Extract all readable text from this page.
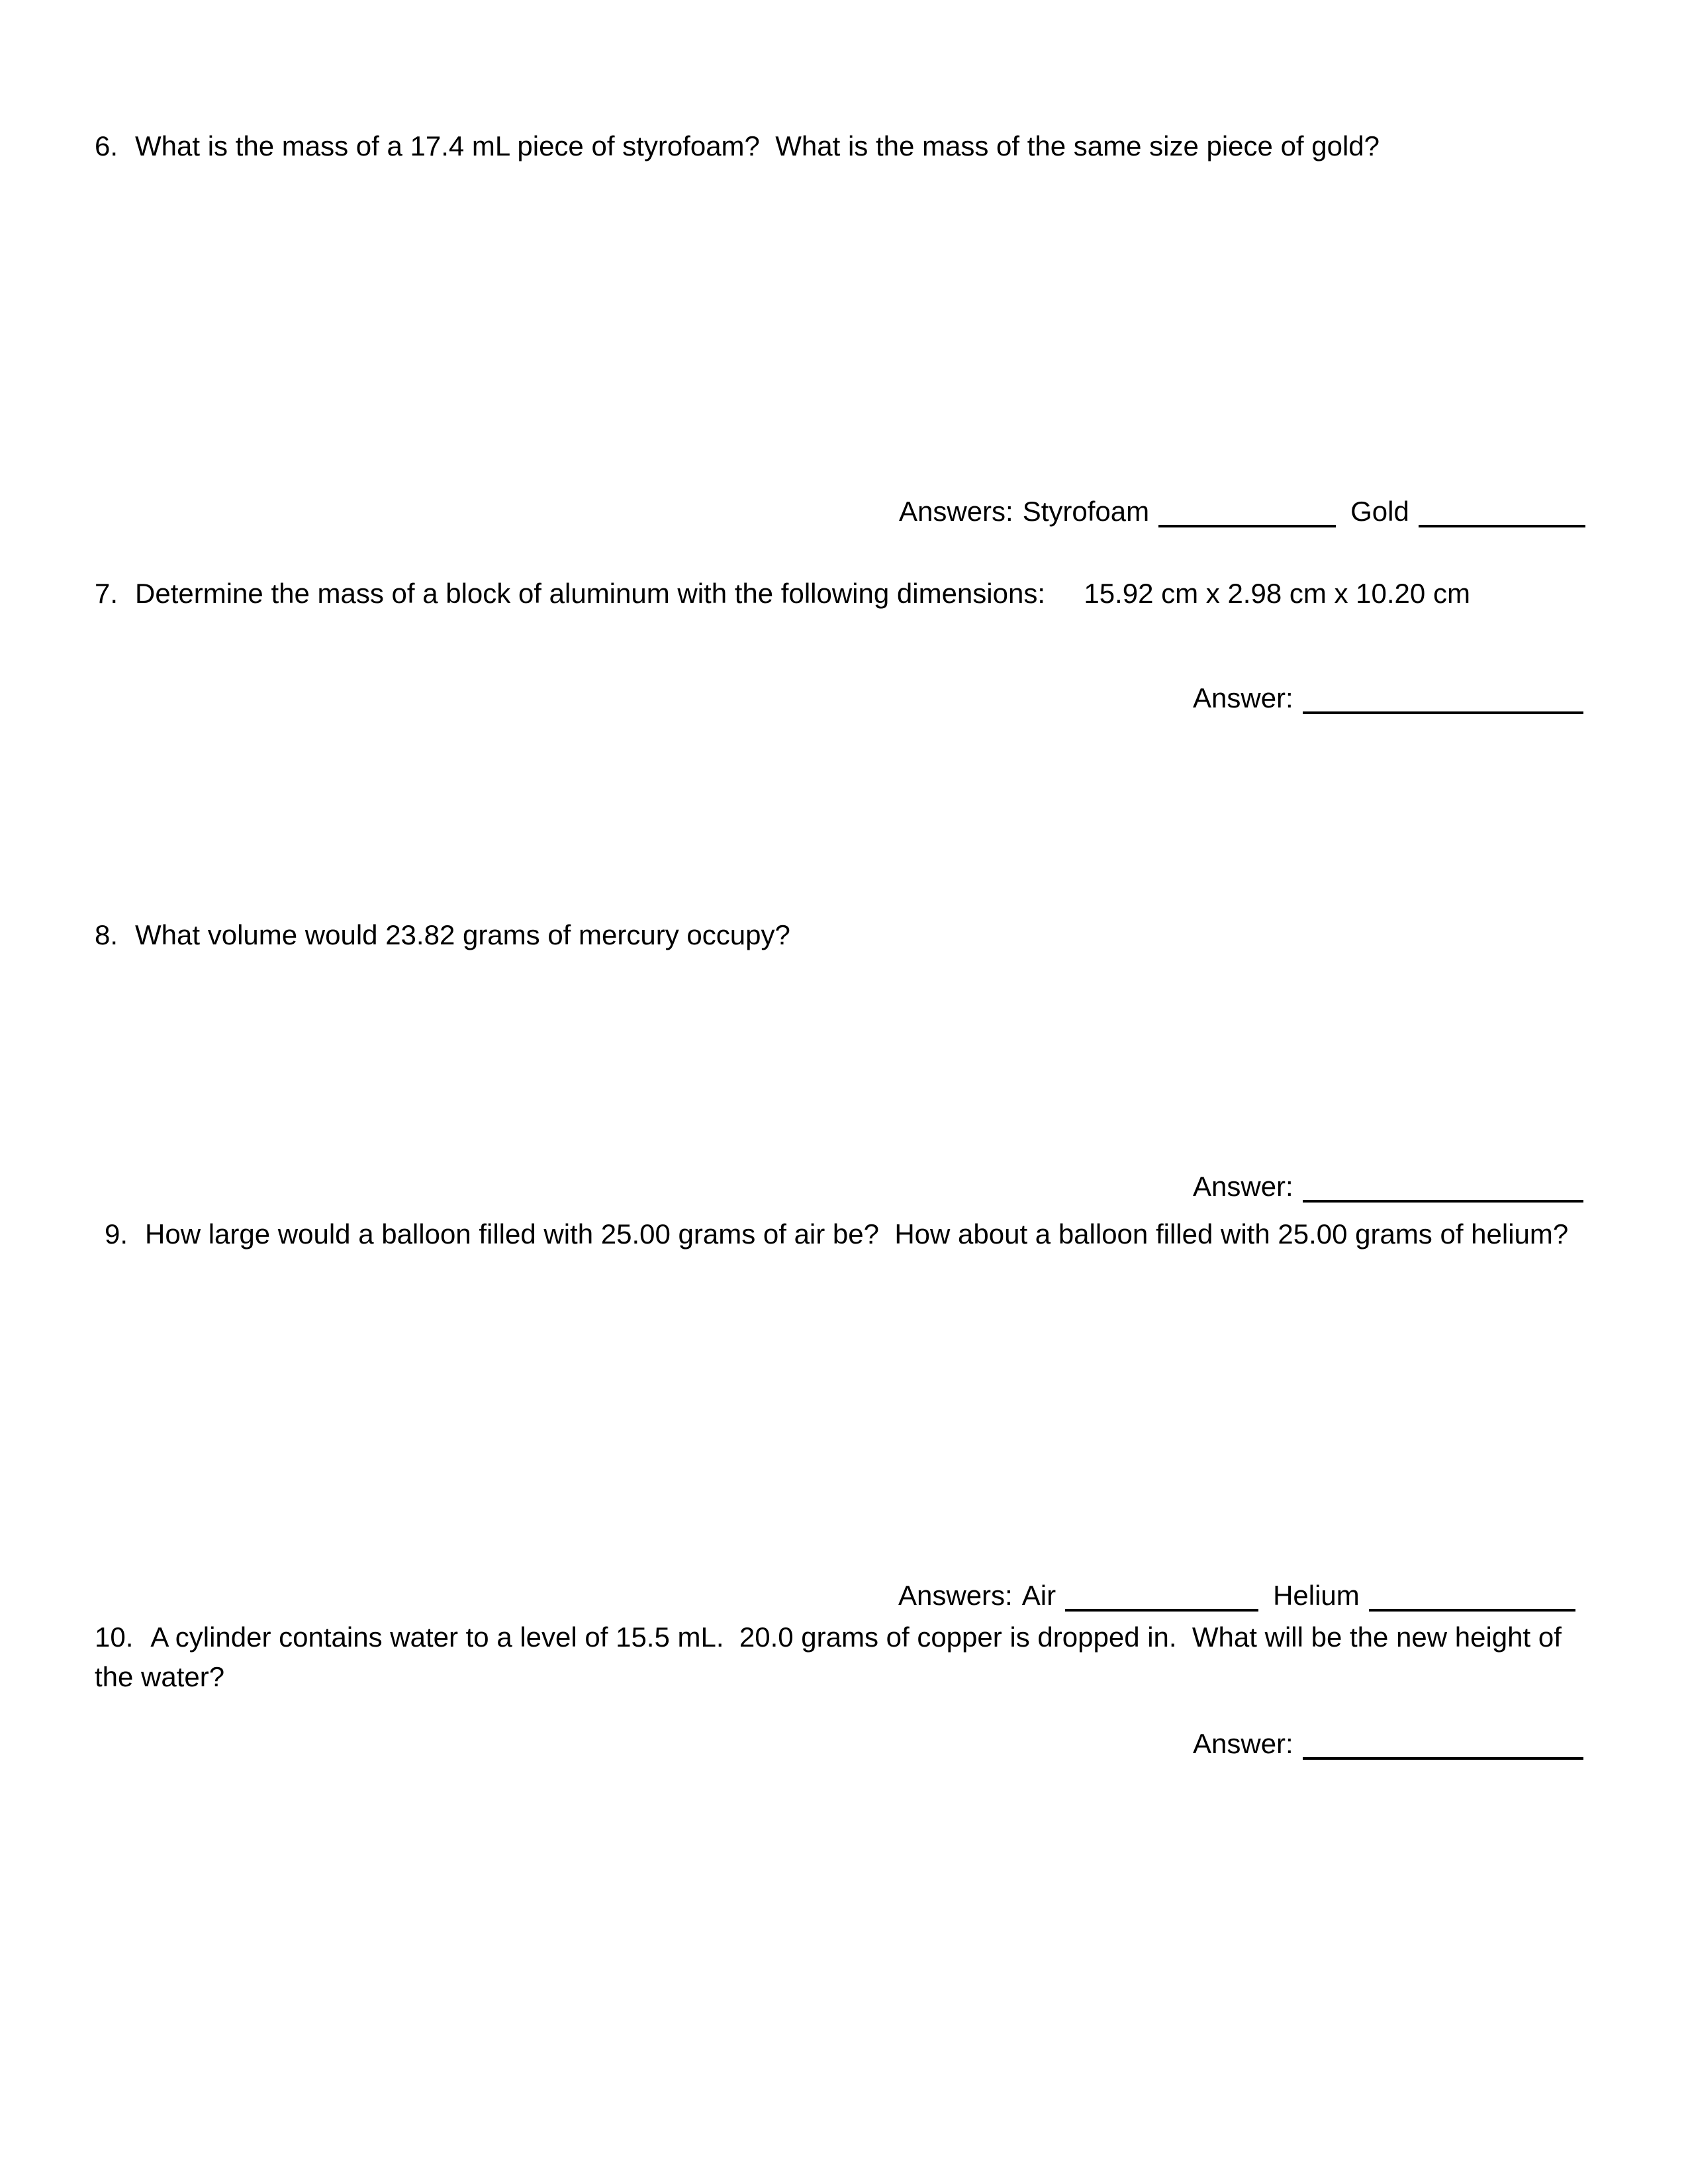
6. What is the mass of a 17.4 mL piece of styrofoam?  What is the mass of the same size piece of gold?
Answers: Styrofoam	Gold
7. Determine the mass of a block of aluminum with the following dimensions:     15.92 cm x 2.98 cm x 10.20 cm
Answer:
8. What volume would 23.82 grams of mercury occupy?
Answer:
9. How large would a balloon filled with 25.00 grams of air be?  How about a balloon filled with 25.00 grams of helium?
Answers: Air	Helium
10. A cylinder contains water to a level of 15.5 mL.  20.0 grams of copper is dropped in.  What will be the new height of
the water?
Answer:
